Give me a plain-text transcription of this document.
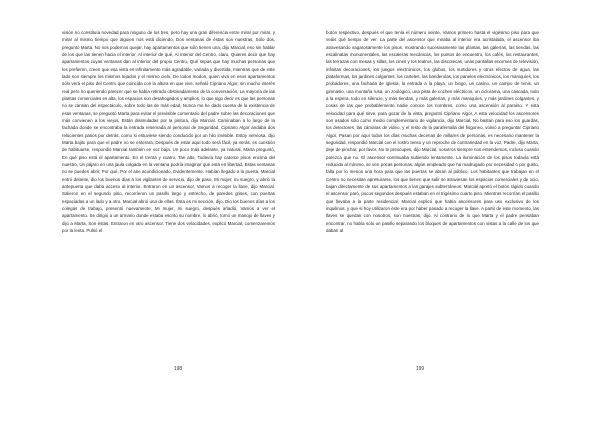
visión no constituía novedad para ninguno de los tres, pero hay una gran diferencia entre mirar por mirar, y mirar al mismo tiempo que alguien nos está diciendo, Dos ventanas de éstas son nuestras, Sólo dos, preguntó Marta, No nos podemos quejar, hay apartamentos que sólo tienen una, dijo Marcial, eso sin hablar de los que las tienen hacia el interior, Al interior de qué, Al interior del Centro, claro, Quieres decir que hay apartamentos cuyas ventanas dan al interior del propio Centro, Qué sepas que hay muchas personas que los prefieren, creen que esa vista es infinitamente más agradable, variada y divertida, mientras que de este lado son siempre los mismos tejados y el mismo cielo, De todos modos, quien viva en esos apartamentos sólo verá el piso del Centro que coincida con la altura en que vive, señaló Cipriano Algor, sin mucho interés real pero no queriendo parecer que se había retirado obstinadamente de la conversación, La mayoría de las plantas comerciales es alta, los espacios son desahogados y amplios, lo que sigo decir es que las personas no se cansan del espectáculo, sobre todo las de más edad, Nunca me he dado cuenta de la existencia de esas ventanas, se preguntó Marta para evitar el previsible comentario del padre sobre las decoraciones que más convienen a los viejos, Están disimuladas por la pintura, dijo Marcial. Caminaban a lo largo de la fachada donde se encontraba la entrada reservada al personal de Seguridad, Cipriano Algor andaba dos relucientes pasos por detrás, como si estuviese siendo conducido por un hilo invisible. Estoy nerviosa, dijo Marta bajito para que el padre no se enterara, Después de estar aquí todo será fácil, ya verás, es cuestión de habituarse, respondió Marcial también en voz baja. Un poco más adelante, ya natural, Marta preguntó, En qué piso está el apartamento, En el trenta y cuatro, Tan alto, Todavía hay catorce pisos encima del nuestro, Un pájaro en una jaula colgada en la ventana podría imaginar que está en libertad, Estas ventanas no se pueden abrir, Por qué, Por el aire acondicionado, Evidentemente. Habían llegado a la puerta. Marcial entró delante, dio los buenos días a los vigilantes de servicio, dijo de paso, Mi mujer, mi suegro, y abrió la antepuerta que daba acceso al interior. Entraron en un ascensor, Vamos a recoger la llave, dijo Marcial. Salieron en el segundo piso, recorrieron un pasillo largo y estrecho, de paredes grises, con puertas espaciadas a un lado y a otro. Marcial abrió una de ellas. Ésta es mi sección, dijo. Dio los buenos días a los colegas de trabajo, presentó nuevamente, Mi mujer, mi suegro, después añadió, Vamos a ver el apartamento. Se dirigió a un armario donde estaba escrito su nombre, lo abrió, tomó un manojo de llaves y dijo a Marta, Son éstas. Entraron en otro ascensor. Tiene dos velocidades, explicó Marcial, comenzaremos por la lenta. Pulsó el

198

botón respectivo, después el que tenía el número veinte, Vamos primero hasta el vigésimo piso para que veáis qué tiempo de ver. La parte del ascensor que miraba al interior era acristalada, el ascensor iba atravesando vagarosamente los pisos, mostrando sucesivamente las plantas, las galerías, las tiendas, las escalinatas monumentales, las escaleras mecánicas, los puntos de encuentro, los cafés, los restaurantes, las terrazas con mesas y sillas, los cines y los teatros, las discotecas, unas pantallas enormes de televisión, infinitas decoraciones, los juegos electrónicos, los globos, los surtidores y otros efectos de agua, las plataformas, los jardines colgantes, los carteles, las banderolas, los paneles electrónicos, los maniquíes, los probadores, una fachada de iglesia, la entrada a la playa, un bingo, un casino, un campo de tenis, un gimnasio, una montaña rusa, un zoológico, una pista de coches eléctricos, un ciclorama, una cascada, todo a la espera, todo en silencio, y más tiendas, y más galerías, y más maniquíes, y más jardines colgantes, y cosas de las que probablemente nadie conoce los nombres, como una ascensión al paraíso. Y esta velocidad para qué sirve, para gozar de la vista, preguntó Cipriano Algor, A esta velocidad los ascensores son usados sólo como medio complementario de vigilancia, dijo Marcial, No bastan para eso los guardas, los detectores, las cámaras de vídeo, y el resto de la parafernalia del fisgoneo, volvió a preguntar Cipriano Algor, Pasan por aquí todos los días muchas decenas de millares de personas, es necesario mantener la seguridad, respondió Marcial con el rostro tenso y un reproche de contrariedad en la voz, Padre, dijo Marta, deje de pinchar, por favor, No te preocupes, dijo Marcial, nosotros siempre nos entendemos, incluso cuando parezca que no. El ascensor continuaba subiendo lentamente. La iluminación de los pisos todavía está reducida al mínimo, se ven pocas personas, algún empleado que ha madrugado por necesidad o por gusto, falta por lo menos una hora para que las puertas se abran al público. Los habitantes que trabajan en el Centro no necesitan apresurarse, los que tienen que salir se atraviesan los espacios comerciales y de ocio, bajan directamente de sus apartamentos a las garajes subterráneos. Marcial apretó el botón rápido cuando el ascensor paró, pocos segundos después estaban en el trigésimo cuarto piso. Mientras recorrían el pasillo que llevaba a la parte residencial, Marcial explicó que había ascensores para uso exclusivo de los inquilinos, y que si hoy utilizaron éste era por haber pasado a recoger la llave. A partir de este momento, las llaves se quedan con nosotros, son nuestras, dijo. Al contrario de lo que Marta y el padre pensaban encontrar, no había sólo un pasillo separando los bloques de apartamentos con vistas a la calle de los que daban al

199
